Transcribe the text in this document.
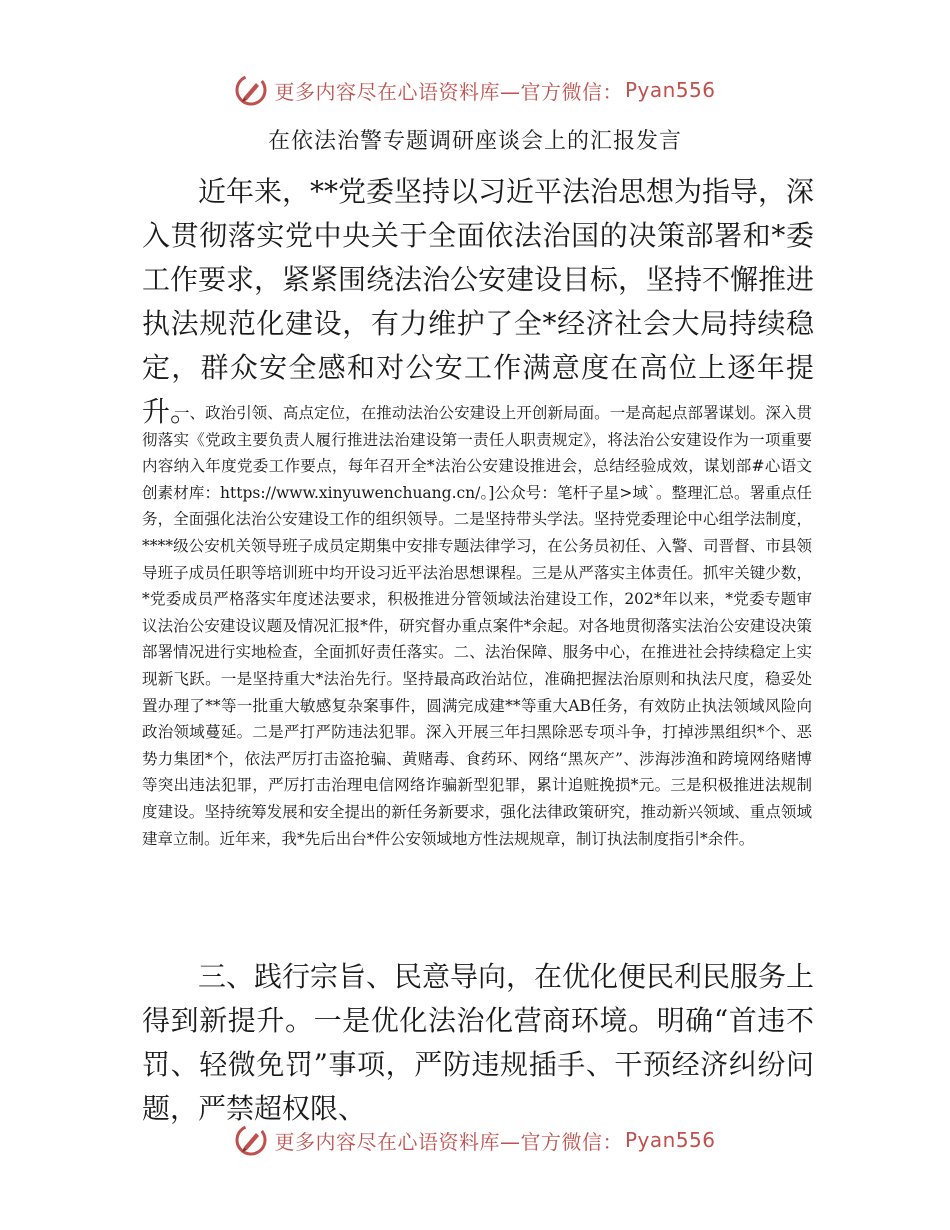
更多内容尽在心语资料库—官方微信： Pyan556
在依法治警专题调研座谈会上的汇报发言

近年来，**党委坚持以习近平法治思想为指导，深入贯彻落实党中央关于全面依法治国的决策部署和*委工作要求，紧紧围绕法治公安建设目标，坚持不懈推进执法规范化建设，有力维护了全*经济社会大局持续稳定，群众安全感和对公安工作满意度在高位上逐年提升。

一、政治引领、高点定位，在推动法治公安建设上开创新局面。一是高起点部署谋划。深入贯彻落实《党政主要负责人履行推进法治建设第一责任人职责规定》，将法治公安建设作为一项重要内容纳入年度党委工作要点，每年召开全*法治公安建设推进会，总结经验成效，谋划部#心语文创素材库：https://www.xinyuwenchuang.cn/。]公众号：笔杆子星>域`。整理汇总。署重点任务，全面强化法治公安建设工作的组织领导。二是坚持带头学法。坚持党委理论中心组学法制度，****级公安机关领导班子成员定期集中安排专题法律学习，在公务员初任、入警、司晋督、市县领导班子成员任职等培训班中均开设习近平法治思想课程。三是从严落实主体责任。抓牢关键少数，*党委成员严格落实年度述法要求，积极推进分管领域法治建设工作，202*年以来，*党委专题审议法治公安建设议题及情况汇报*件，研究督办重点案件*余起。对各地贯彻落实法治公安建设决策部署情况进行实地检查，全面抓好责任落实。二、法治保障、服务中心，在推进社会持续稳定上实现新飞跃。一是坚持重大*法治先行。坚持最高政治站位，准确把握法治原则和执法尺度，稳妥处置办理了**等一批重大敏感复杂案事件，圆满完成建**等重大AB任务，有效防止执法领域风险向政治领域蔓延。二是严打严防违法犯罪。深入开展三年扫黑除恶专项斗争，打掉涉黑组织*个、恶势力集团*个，依法严厉打击盗抢骗、黄赌毒、食药环、网络“黑灰产”、涉海涉渔和跨境网络赌博等突出违法犯罪，严厉打击治理电信网络诈骗新型犯罪，累计追赃挽损*元。三是积极推进法规制度建设。坚持统筹发展和安全提出的新任务新要求，强化法律政策研究，推动新兴领域、重点领域建章立制。近年来，我*先后出台*件公安领域地方性法规规章，制订执法制度指引*余件。

三、践行宗旨、民意导向，在优化便民利民服务上得到新提升。一是优化法治化营商环境。明确“首违不罚、轻微免罚”事项，严防违规插手、干预经济纠纷问题，严禁超权限、

更多内容尽在心语资料库—官方微信： Pyan556
